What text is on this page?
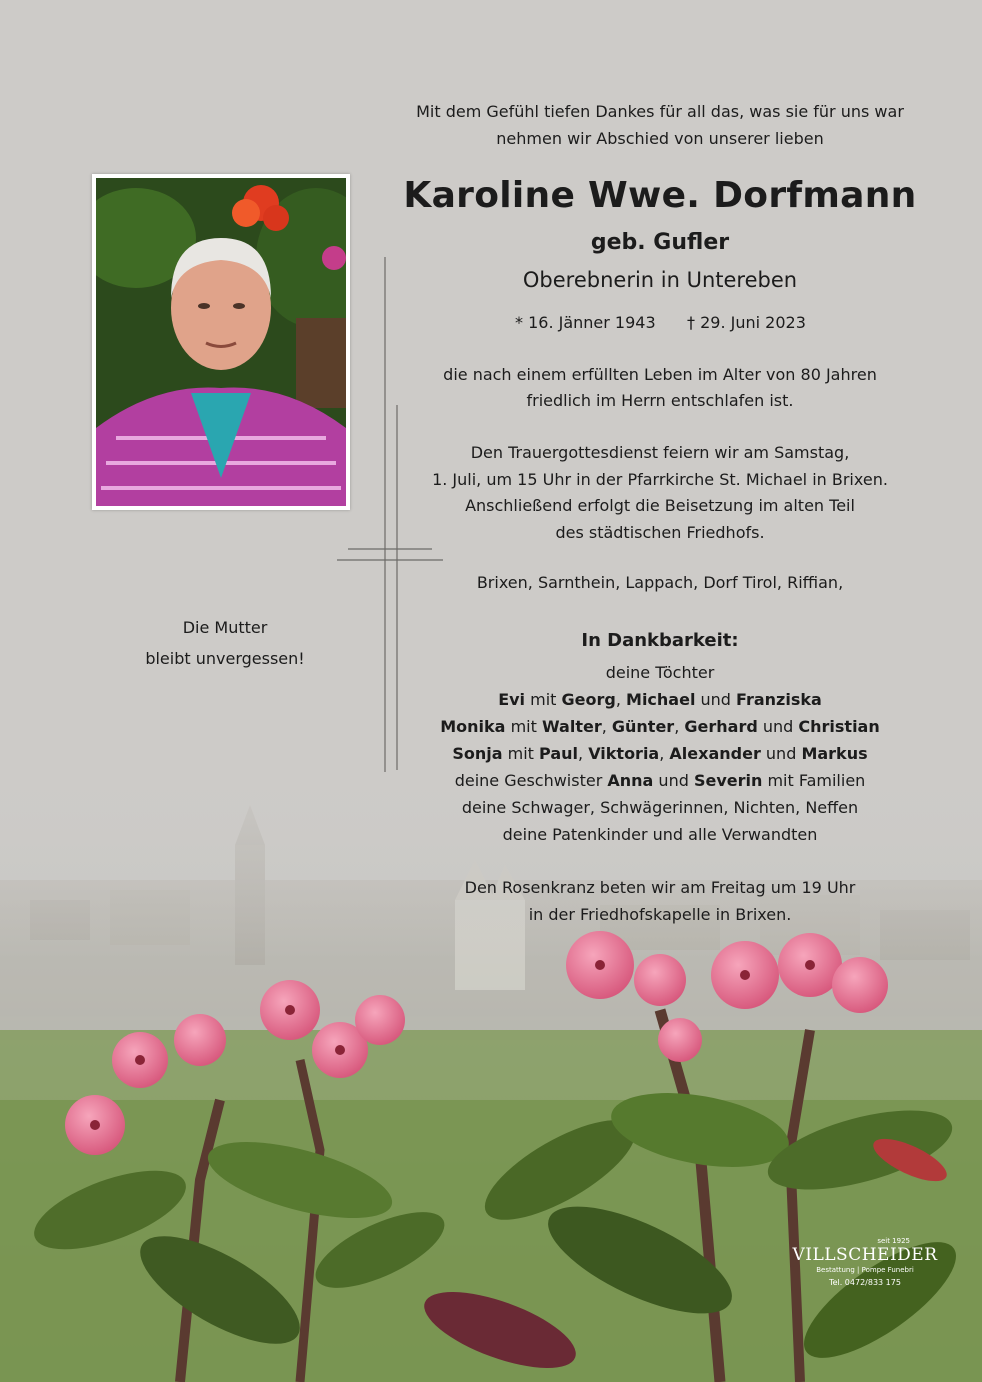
Mit dem Gefühl tiefen Dankes für all das, was sie für uns war
nehmen wir Abschied von unserer lieben
Karoline Wwe. Dorfmann
geb. Gufler
Oberebnerin in Untereben
* 16. Jänner 1943 † 29. Juni 2023
die nach einem erfüllten Leben im Alter von 80 Jahren
friedlich im Herrn entschlafen ist.
Den Trauergottesdienst feiern wir am Samstag,
1. Juli, um 15 Uhr in der Pfarrkirche St. Michael in Brixen.
Anschließend erfolgt die Beisetzung im alten Teil
des städtischen Friedhofs.
Brixen, Sarnthein, Lappach, Dorf Tirol, Riffian,
In Dankbarkeit:
deine Töchter
Evi mit Georg, Michael und Franziska
Monika mit Walter, Günter, Gerhard und Christian
Sonja mit Paul, Viktoria, Alexander und Markus
deine Geschwister Anna und Severin mit Familien
deine Schwager, Schwägerinnen, Nichten, Neffen
deine Patenkinder und alle Verwandten
Den Rosenkranz beten wir am Freitag um 19 Uhr
in der Friedhofskapelle in Brixen.
Die Mutter
bleibt unvergessen!
seit 1925
VILLSCHEIDER
Bestattung | Pompe Funebri
Tel. 0472/833 175
